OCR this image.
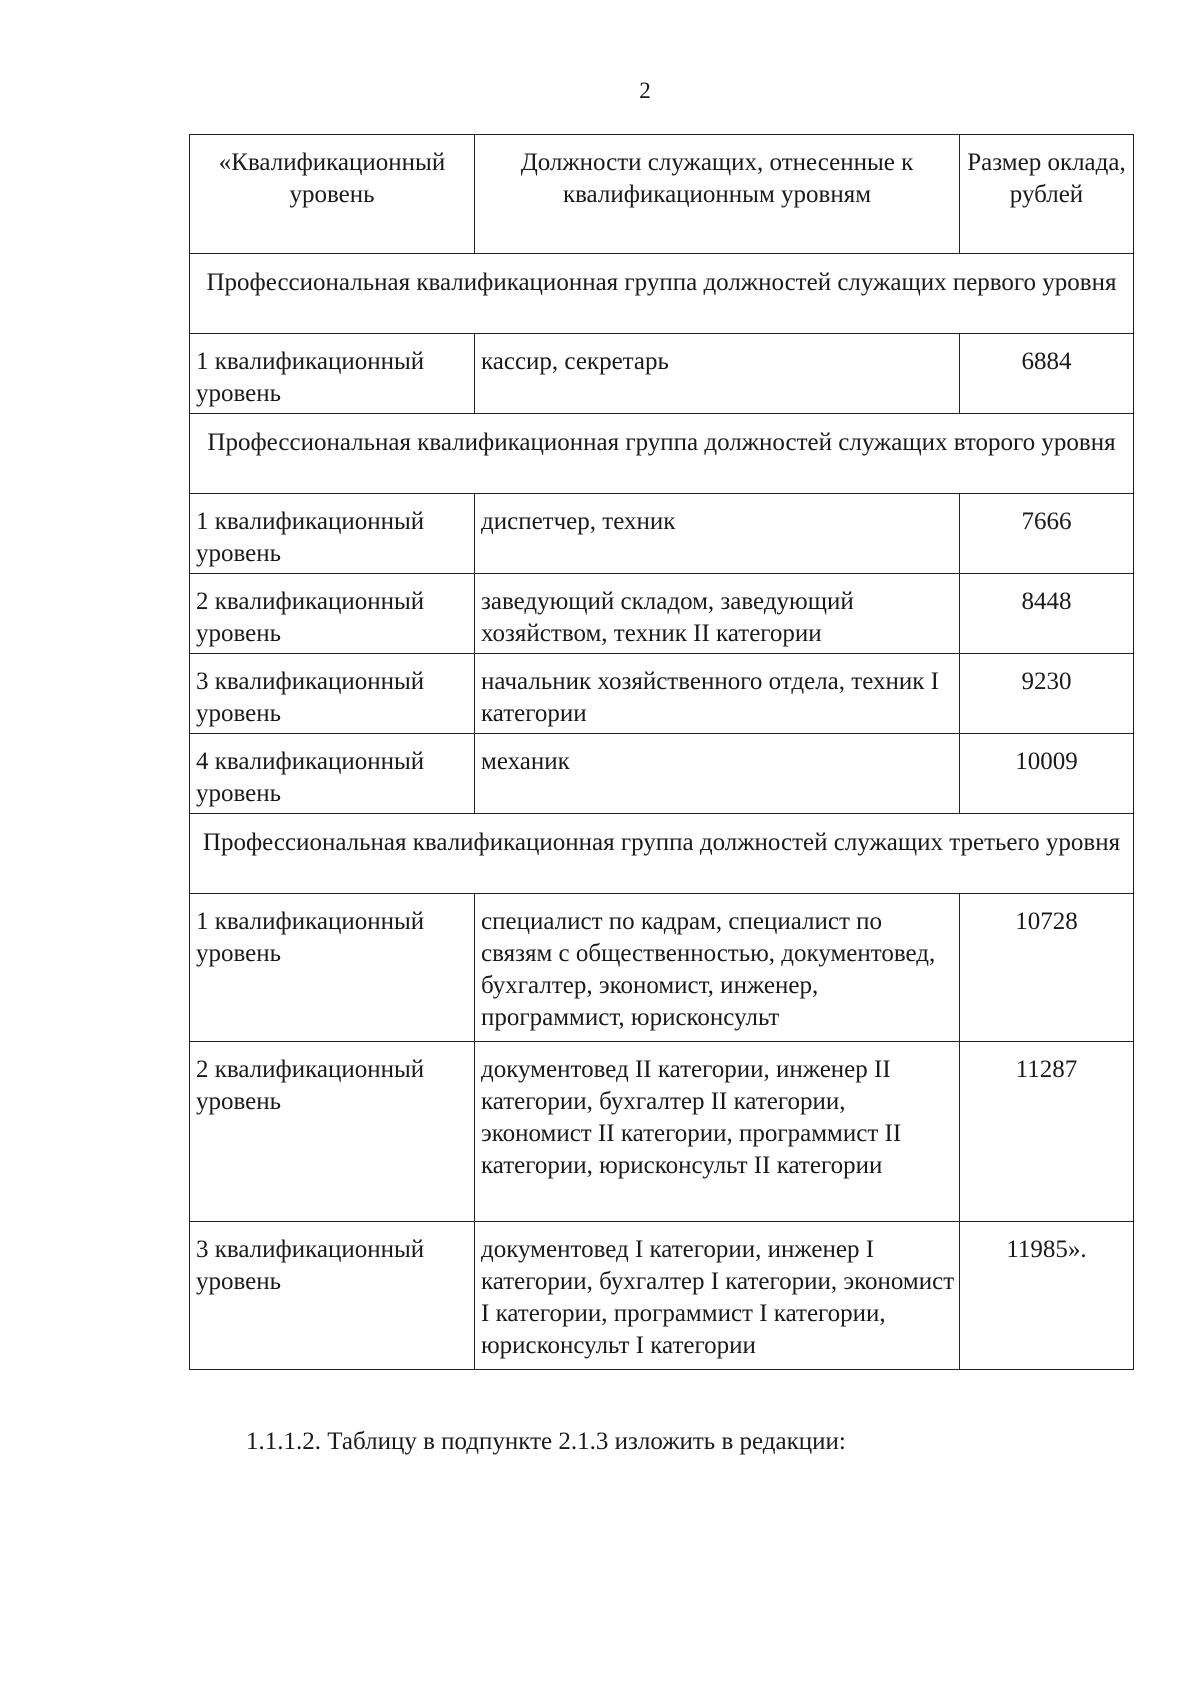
2
«Квалификационный уровень	Должности служащих, отнесенные к квалификационным уровням	Размер оклада, рублей
Профессиональная квалификационная группа должностей служащих первого уровня		
1 квалификационный уровень	кассир, секретарь	6884
Профессиональная квалификационная группа должностей служащих второго уровня		
1 квалификационный уровень	диспетчер, техник	7666
2 квалификационный уровень	заведующий складом, заведующий хозяйством, техник II категории	8448
3 квалификационный уровень	начальник хозяйственного отдела, техник I категории	9230
4 квалификационный уровень	механик	10009
Профессиональная квалификационная группа должностей служащих третьего уровня		
1 квалификационный уровень	специалист по кадрам, специалист по связям с общественностью, документовед, бухгалтер, экономист, инженер, программист, юрисконсульт	10728
2 квалификационный уровень	документовед II категории, инженер II категории, бухгалтер II категории, экономист II категории, программист II категории, юрисконсульт II категории	11287
3 квалификационный уровень	документовед I категории, инженер I категории, бухгалтер I категории, экономист I категории, программист I категории, юрисконсульт I категории	11985».
1.1.1.2. Таблицу в подпункте 2.1.3 изложить в редакции:
